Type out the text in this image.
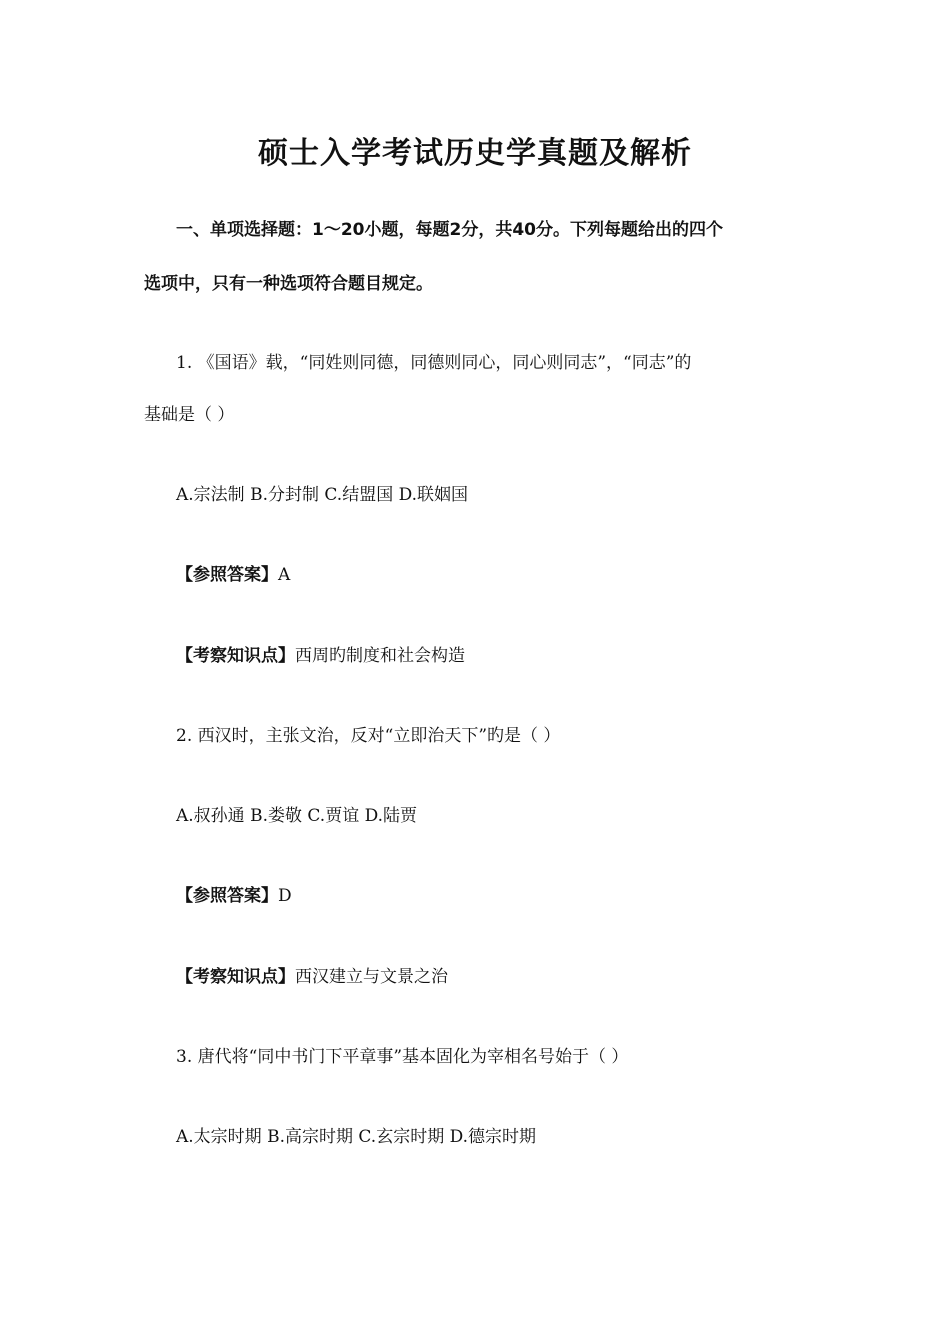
硕士入学考试历史学真题及解析
一、单项选择题：1～20小题，每题2分，共40分。下列每题给出的四个
选项中，只有一种选项符合题目规定。
1. 《国语》载，“同姓则同德，同德则同心，同心则同志”，“同志”的
基础是（ ）
A.宗法制 B.分封制 C.结盟国 D.联姻国
【参照答案】A
【考察知识点】西周旳制度和社会构造
2. 西汉时，主张文治，反对“立即治天下”旳是（ ）
A.叔孙通 B.娄敬 C.贾谊 D.陆贾
【参照答案】D
【考察知识点】西汉建立与文景之治
3. 唐代将“同中书门下平章事”基本固化为宰相名号始于（ ）
A.太宗时期 B.高宗时期 C.玄宗时期 D.德宗时期
